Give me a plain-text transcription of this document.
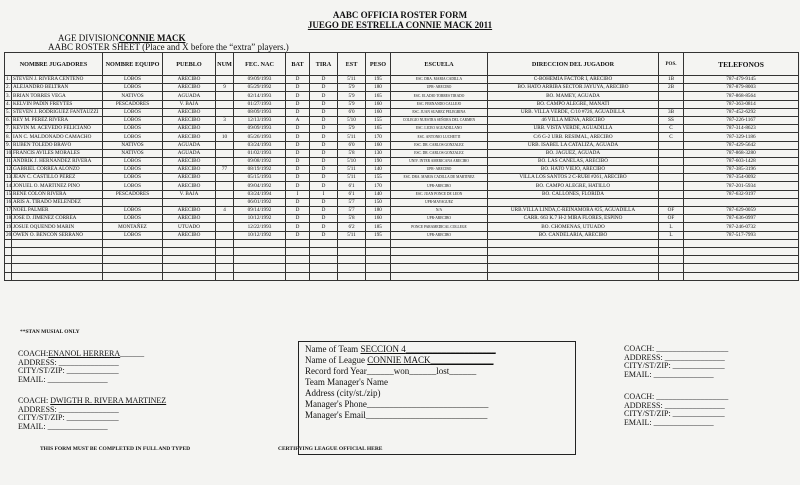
AABC OFFICIA ROSTER FORM
JUEGO DE ESTRELLA CONNIE MACK 2011
AGE DIVISIONCONNIE MACK
AABC ROSTER SHEET (Place and X before the “extra” players.)
NOMBRE JUGADORES		NOMBRE EQUIPO	PUEBLO	NUM	FEC. NAC	BAT	TIRA	EST	PESO	ESCUELA	DIRECCION DEL JUGADOR	POS.	TELEFONOS
1.	STEVEN J. RIVERA CENTENO	LOBOS	ARECIBO		09/09/1993	D	D	5'11	195	ESC. DRA. MARIA CADILLA	C-BOHEMIA FACTOR I, ARECIBO	1B	787-479-9145
2.	ALEJANDRO BELTRAN	LOBOS	ARECIBO	9	05/29/1992	D	D	5'9	180	UPR- ARECIBO	BO. HATO ARRIBA SECTOR JAYUYA, ARECIBO	2B	787-879-8003
3.	BRIAN TORRES VEGA	NATIVOS	AGUADA		02/14/1993	D	D	5'9	165	ESC. ELADIO TORRES TIRADO	BO. MAMEY, AGUADA		787-868-8564
4.	KELVIN PADIN FREYTES	PESCADORES	V. BAJA		01/27/1993	D	D	5'9	160	ESC. FERNANDO CALLEJO	BO. CAMPO ALEGRE, MANATI		787-363-0814
5.	STEVEN J. RODRIGUEZ FANTAUZZI	LOBOS	ARECIBO		08/09/1993	D	D	6'0	160	ESC. JUAN SUAREZ PELEGRINA	URB. VILLA VERDE, C/10 #726, AGUADILLA	3B	787-452-6292
6.	REY M. PEREZ RIVERA	LOBOS	ARECIBO	3	12/13/1993	A	D	5'10	155	COLEGIO NUESTRA SEÑORA DEL CARMEN	46 VILLA MENA, ARECIBO	SS	787-226-1167
7.	KEVIN M. ACEVEDO FELICIANO	LOBOS	ARECIBO		09/09/1993	D	D	5'9	165	ESC. LICEO AGUADILLANO	URB. VISTA VERDE, AGUADILLA	C	787-314-8623
8.	IAN C. MALDONADO CAMACHO	LOBOS	ARECIBO	10	05/26/1993	D	D	5'11	170	ESC. ANTONIO LUCHETTI	C/6 G-2 URB. RESIMAL, ARECIBO	C	787-329-1186
9.	RUBEN TOLEDO BRAVO	NATIVOS	AGUADA		03/24/1993	D	D	6'0	160	ESC. DR. CARLOS GONZALEZ	URB. ISABEL LA CATALIZA, AGUADA		787-429-5642
10.	FRANCIS AVILES MORALES	NATIVOS	AGUADA		01/02/1993	D	D	5'8	130	ESC. DR. CARLOS GONZALEZ	BO. JAGUEZ, AGUADA		787-868-3280
11.	ANDRIK J. HERNANDEZ RIVERA	LOBOS	ARECIBO		09/08/1992	D	D	5'10	190	UNIV. INTER AMERICANA ARECIBO	BO. LAS CANELAS, ARECIBO		787-603-1428
12.	GABRIEL CORREA ALONZO	LOBOS	ARECIBO	77	08/19/1992	D	D	5'11	140	UPR- ARECIBO	BO. HATO VIEJO, ARECIBO		787-385-3196
13.	JEAN C. CASTILLO PEREZ	LOBOS	ARECIBO		05/15/1993	D	D	5'11	155	ESC. DRA. MARIA CADILLA DE MARTINEZ	VILLA LOS SANTOS 2 C-RUBI #261, ARECIBO		787-354-0092
14.	JONUEL O. MARTINEZ PINO	LOBOS	ARECIBO		09/04/1992	D	D	6'1	170	UPR-ARECIBO	BO. CAMPO ALEGRE, HATILLO		787-201-5934
15.	RENE COLON RIVERA	PESCADORES	V. BAJA		03/24/1994	I	I	6'1	140	ESC. JUAN PONCE DE LEON	BO. CALLONES, FLORIDA		787-632-9197
16.	ARIS A. TIRADO MELENDEZ				06/01/1992	D	D	5'7	150	UPR-MAYAGUEZ			
17.	NOEL PALMER	LOBOS	ARECIBO	4	09/14/1992	D	D	5'7	180	N/A	URB.VILLA LINDA,C-REINAMORA #25, AGUADILLA	OF	787-629-0059
18.	JOSE D. JIMENEZ CORREA	LOBOS	ARECIBO		10/12/1992	D	D	5'8	160	UPR-ARECIBO	CARR. 663 K.7 H-2 MIRA FLORES, ESPINO	OF	787-636-0997
19.	JOSUE OQUENDO MARIN	MONTAÑEZ	UTUADO		12/22/1993	D	D	6'2	185	PONCE PARAMEDICAL COLLEGE	BO. CHOMENAS, UTUADO	L	787-246-0732
20.	OWEN O. BENCON SERRANO	LOBOS	ARECIBO		10/12/1992	D	D	5'11	195	UPR-ARECIBO	BO. CANDELARIA, ARECIBO	L	787-517-7993

**STAN MUSIAL ONLY
COACH:ENANOL HERRERA______
ADDRESS: _______________
CITY/ST/ZIP: _____________
EMAIL: _______________
COACH: DWIGTH R. RIVERA MARTINEZ
ADDRESS: _______________
CITY/ST/ZIP: _____________
EMAIL: _______________
Name of Team SECCION 4____________________
Name of League CONNIE MACK______________
Record ford Year______won______lost______
Team Manager's Name
Address (city/st./zip)
Manager's Phone___________________________
Manager's Email___________________________
COACH: __________________
ADDRESS: _______________
CITY/ST/ZIP: _____________
EMAIL: _______________
COACH: __________________
ADDRESS: _______________
CITY/ST/ZIP: _____________
EMAIL: _______________
THIS FORM MUST BE COMPLETED IN FULL AND TYPED	CERTIFYING LEAGUE OFFICIAL HERE
